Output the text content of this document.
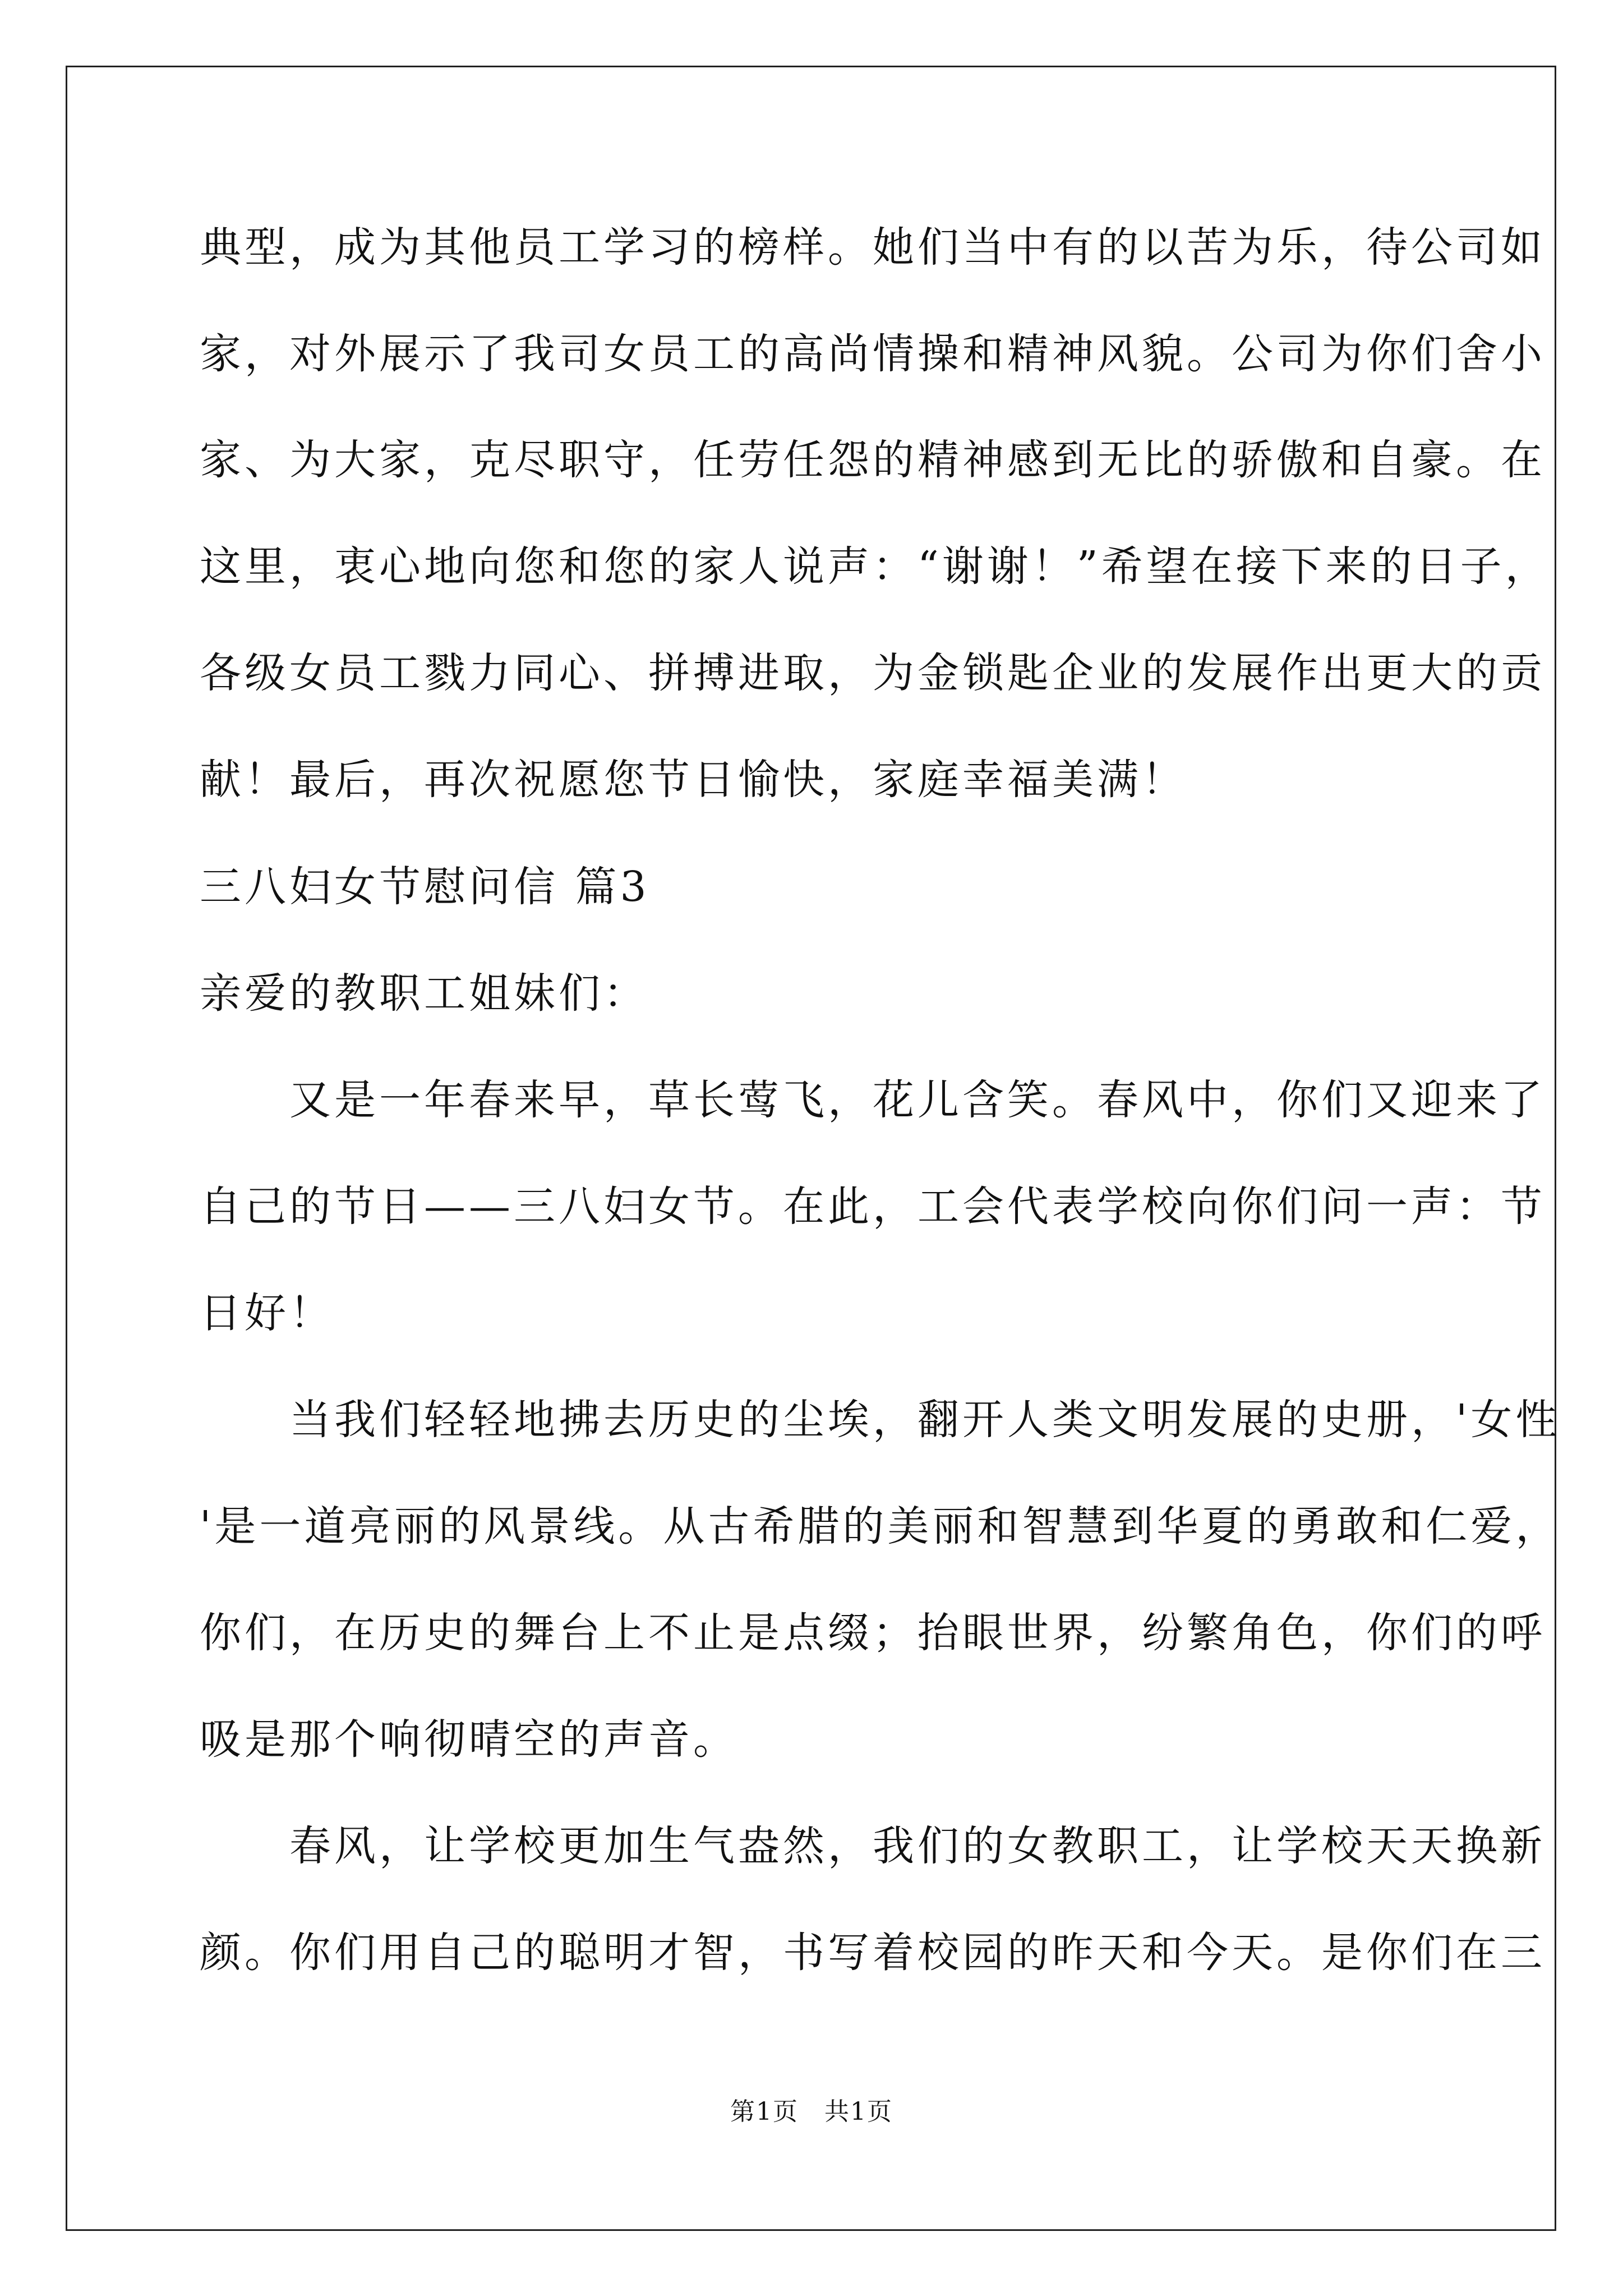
典型，成为其他员工学习的榜样。她们当中有的以苦为乐，待公司如
家，对外展示了我司女员工的高尚情操和精神风貌。公司为你们舍小
家、为大家，克尽职守，任劳任怨的精神感到无比的骄傲和自豪。在
这里，衷心地向您和您的家人说声：“谢谢！”希望在接下来的日子，
各级女员工戮力同心、拼搏进取，为金锁匙企业的发展作出更大的贡
献！最后，再次祝愿您节日愉快，家庭幸福美满！
三八妇女节慰问信 篇3
亲爱的教职工姐妹们：
　　又是一年春来早，草长莺飞，花儿含笑。春风中，你们又迎来了
自己的节日——三八妇女节。在此，工会代表学校向你们问一声：节
日好！
　　当我们轻轻地拂去历史的尘埃，翻开人类文明发展的史册，'女性
'是一道亮丽的风景线。从古希腊的美丽和智慧到华夏的勇敢和仁爱，
你们，在历史的舞台上不止是点缀；抬眼世界，纷繁角色，你们的呼
吸是那个响彻晴空的声音。
　　春风，让学校更加生气盎然，我们的女教职工，让学校天天换新
颜。你们用自己的聪明才智，书写着校园的昨天和今天。是你们在三
第1页　共1页
